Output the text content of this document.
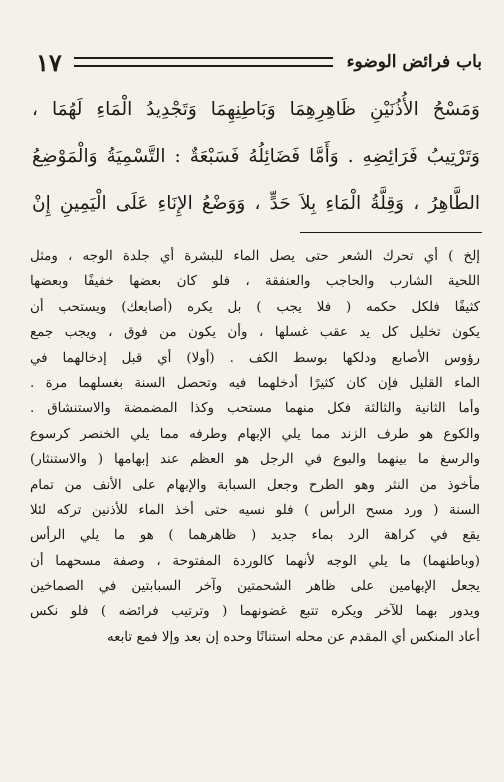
باب فرائض الوضوء
١٧
وَمَسْحُ الأُذُنَيْنِ ظَاهِرِهِمَا وَبَاطِنِهِمَا وَتَجْدِيدُ الْمَاءِ لَهُمَا ،
وَتَرْتِيبُ فَرَائِضِهِ . وَأَمَّا فَضَائِلُهُ فَسَبْعَةٌ : التَّسْمِيَةُ وَالْمَوْضِعُ
الطَّاهِرُ ، وَقِلَّةُ الْمَاءِ بِلاَ حَدٍّ ، وَوَضْعُ الإِنَاءِ عَلَى الْيَمِينِ إِنْ
إلخ ) أي تحرك الشعر حتى يصل الماء للبشرة أي جلدة الوجه ، ومثل
اللحية الشارب والحاجب والعنفقة ، فلو كان بعضها خفيفًا وبعضها
كثيفًا فلكل حكمه ( فلا يجب ) بل يكره (أصابعك) ويستحب أن
يكون تخليل كل يد عقب غسلها ، وأن يكون من فوق ، ويجب جمع
رؤوس الأصابع ودلكها بوسط الكف . (أولا) أي قبل إدخالهما في
الماء القليل فإن كان كثيرًا أدخلهما فيه وتحصل السنة بغسلهما مرة .
وأما الثانية والثالثة فكل منهما مستحب وكذا المضمضة والاستنشاق .
والكوع هو طرف الزند مما يلي الإبهام وطرفه مما يلي الخنصر كرسوع
والرسغ ما بينهما والبوع في الرجل هو العظم عند إبهامها ( والاستنثار)
مأخوذ من النثر وهو الطرح وجعل السبابة والإبهام على الأنف من تمام
السنة ( ورد مسح الرأس ) فلو نسيه حتى أخذ الماء للأذنين تركه لئلا
يقع في كراهة الرد بماء جديد ( ظاهرهما ) هو ما يلي الرأس
(وباطنهما) ما يلي الوجه لأنهما كالوردة المفتوحة ، وصفة مسحهما أن
يجعل الإبهامين على ظاهر الشحمتين وآخر السبابتين في الصماخين
ويدور بهما للآخر ويكره تتبع غضونهما ( وترتيب فرائضه ) فلو نكس
أعاد المنكس أي المقدم عن محله استنانًا وحده إن بعد وإلا فمع تابعه
